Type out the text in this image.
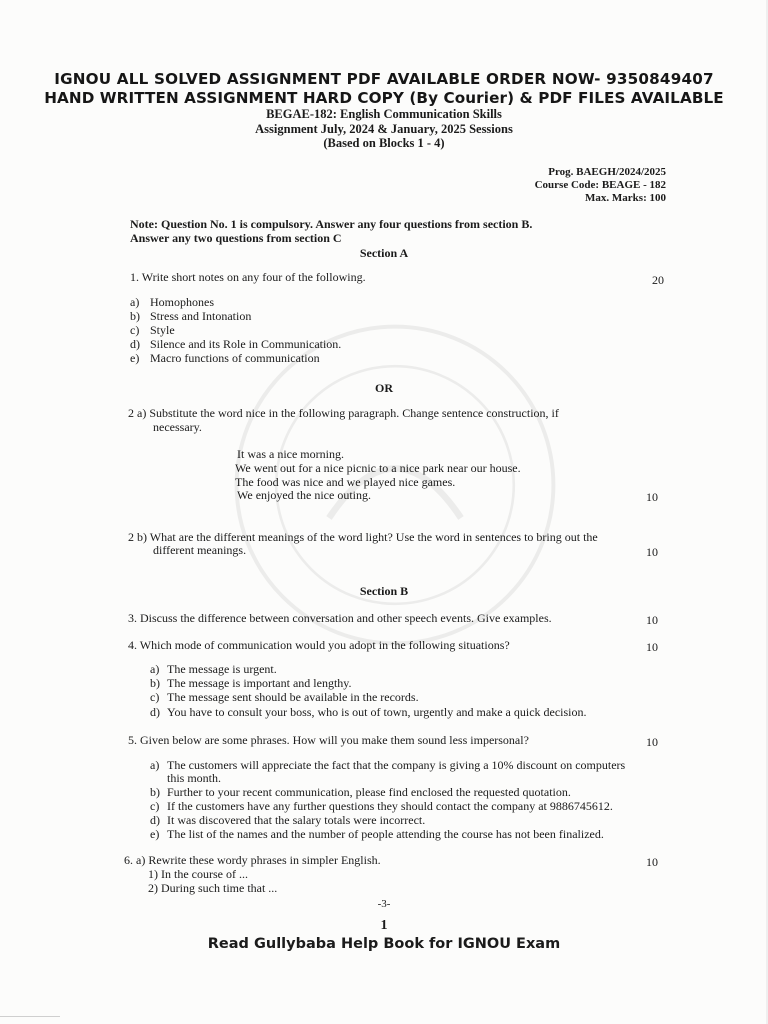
IGNOU ALL SOLVED ASSIGNMENT PDF AVAILABLE ORDER NOW- 9350849407
HAND WRITTEN ASSIGNMENT HARD COPY (By Courier) & PDF FILES AVAILABLE
BEGAE-182: English Communication Skills
Assignment July, 2024 & January, 2025 Sessions
(Based on Blocks 1 - 4)
Prog. BAEGH/2024/2025
Course Code: BEAGE - 182
Max. Marks: 100
Note: Question No. 1 is compulsory. Answer any four questions from section B.
Answer any two questions from section C
Section A
1. Write short notes on any four of the following.	20
a) Homophones
b) Stress and Intonation
c) Style
d) Silence and its Role in Communication.
e) Macro functions of communication
OR
2 a) Substitute the word nice in the following paragraph. Change sentence construction, if
necessary.
It was a nice morning.
We went out for a nice picnic to a nice park near our house.
The food was nice and we played nice games.
We enjoyed the nice outing.	10
2 b) What are the different meanings of the word light? Use the word in sentences to bring out the
different meanings.	10
Section B
3. Discuss the difference between conversation and other speech events. Give examples.	10
4. Which mode of communication would you adopt in the following situations?	10
a) The message is urgent.
b) The message is important and lengthy.
c) The message sent should be available in the records.
d) You have to consult your boss, who is out of town, urgently and make a quick decision.
5. Given below are some phrases. How will you make them sound less impersonal?	10
a) The customers will appreciate the fact that the company is giving a 10% discount on computers
this month.
b) Further to your recent communication, please find enclosed the requested quotation.
c) If the customers have any further questions they should contact the company at 9886745612.
d) It was discovered that the salary totals were incorrect.
e) The list of the names and the number of people attending the course has not been finalized.
6. a) Rewrite these wordy phrases in simpler English.	10
1) In the course of ...
2) During such time that ...
-3-
1
Read Gullybaba Help Book for IGNOU Exam
